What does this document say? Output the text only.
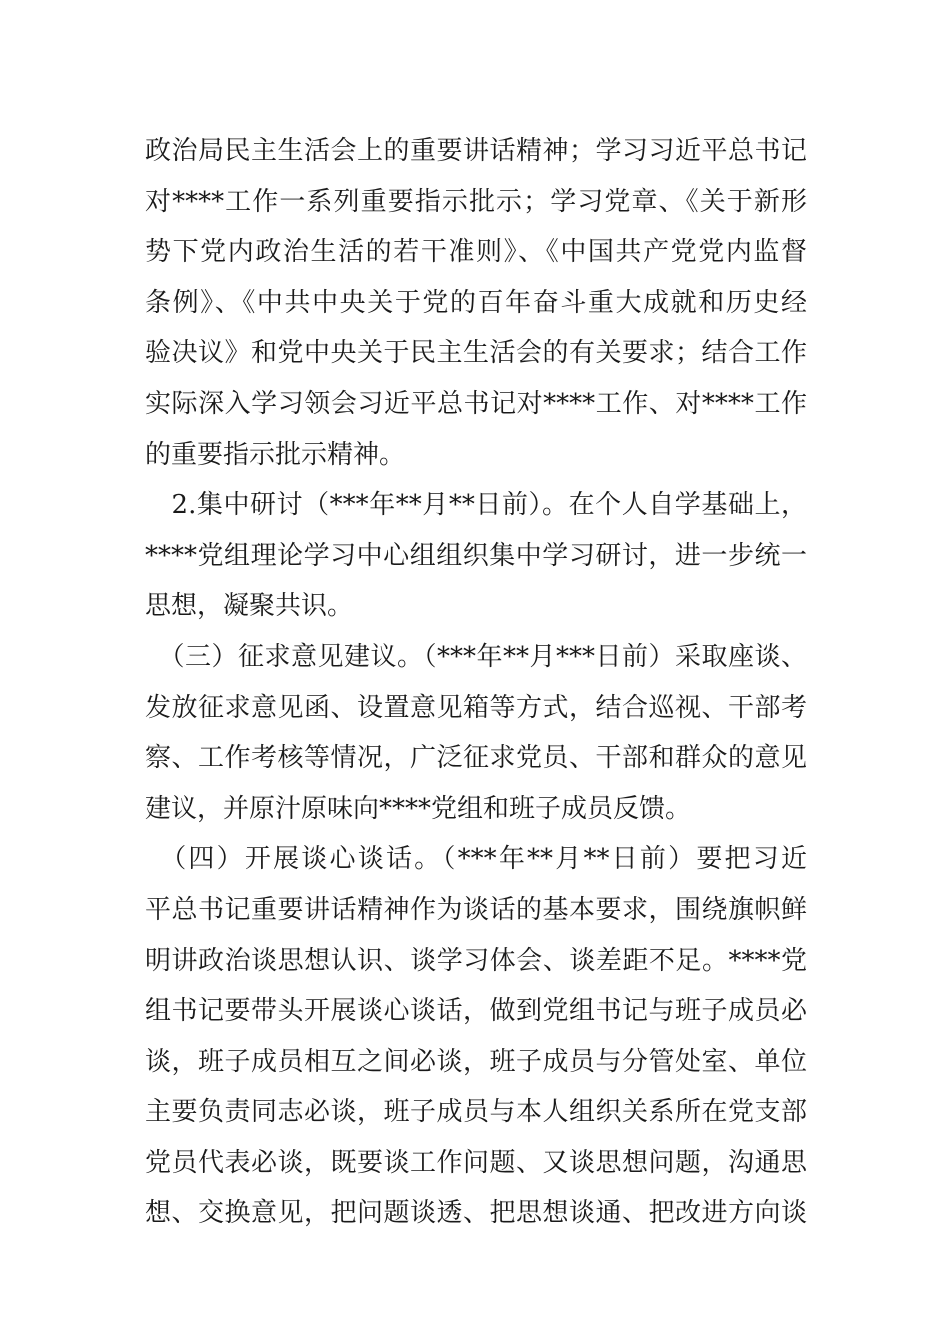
政治局民主生活会上的重要讲话精神；学习习近平总书记
对****工作一系列重要指示批示；学习党章、《关于新形
势下党内政治生活的若干准则》、《中国共产党党内监督
条例》、《中共中央关于党的百年奋斗重大成就和历史经
验决议》和党中央关于民主生活会的有关要求；结合工作
实际深入学习领会习近平总书记对****工作、对****工作
的重要指示批示精神。
　2.集中研讨（***年**月**日前）。在个人自学基础上，
****党组理论学习中心组组织集中学习研讨，进一步统一
思想，凝聚共识。
　（三）征求意见建议。（***年**月***日前）采取座谈、
发放征求意见函、设置意见箱等方式，结合巡视、干部考
察、工作考核等情况，广泛征求党员、干部和群众的意见
建议，并原汁原味向****党组和班子成员反馈。
　（四）开展谈心谈话。（***年**月**日前）要把习近
平总书记重要讲话精神作为谈话的基本要求，围绕旗帜鲜
明讲政治谈思想认识、谈学习体会、谈差距不足。****党
组书记要带头开展谈心谈话，做到党组书记与班子成员必
谈，班子成员相互之间必谈，班子成员与分管处室、单位
主要负责同志必谈，班子成员与本人组织关系所在党支部
党员代表必谈，既要谈工作问题、又谈思想问题，沟通思
想、交换意见，把问题谈透、把思想谈通、把改进方向谈
